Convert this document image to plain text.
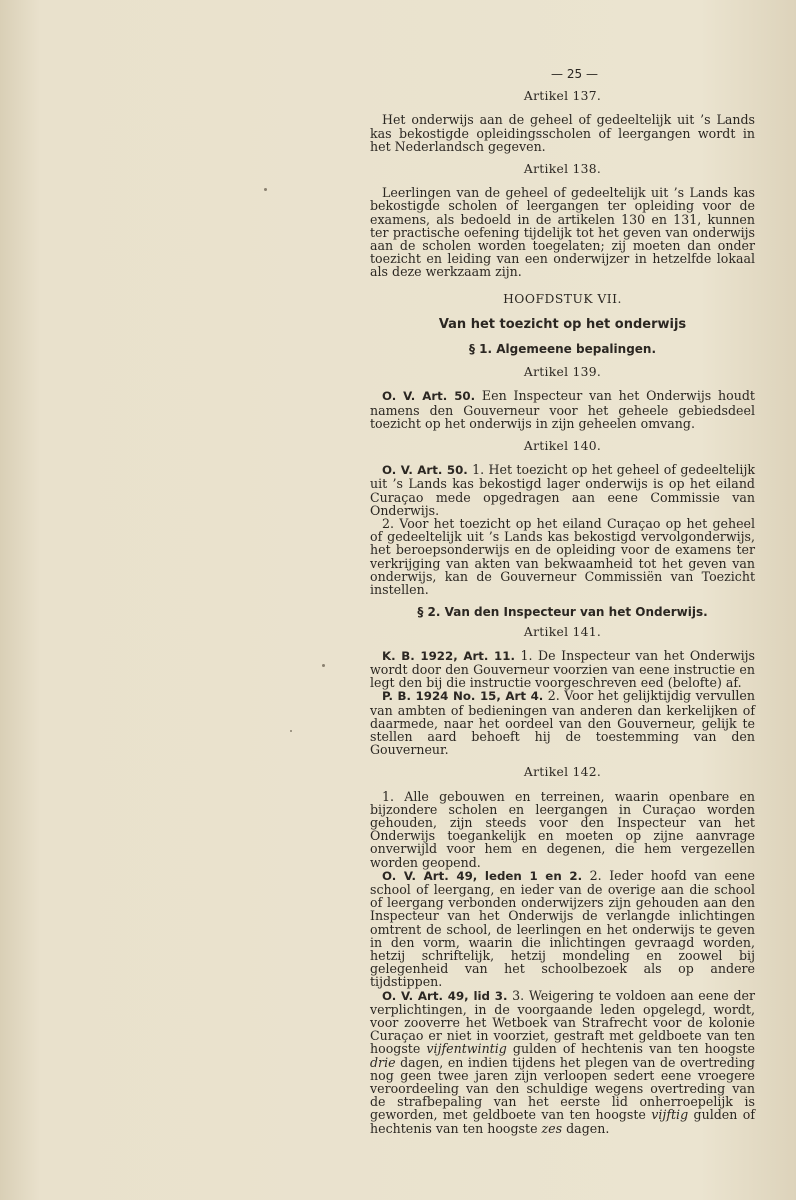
— 25 —
Artikel 137.

Het onderwijs aan de geheel of gedeeltelijk uit ’s Lands kas bekostigde opleidingsscholen of leergangen wordt in het Nederlandsch gegeven.

Artikel 138.

Leerlingen van de geheel of gedeeltelijk uit ’s Lands kas bekostigde scholen of leergangen ter opleiding voor de examens, als bedoeld in de artikelen 130 en 131, kunnen ter practische oefening tijdelijk tot het geven van onderwijs aan de scholen worden toegelaten; zij moeten dan onder toezicht en leiding van een onderwijzer in hetzelfde lokaal als deze werkzaam zijn.

HOOFDSTUK VII.
Van het toezicht op het onderwijs
§ 1. Algemeene bepalingen.
Artikel 139.

O. V. Art. 50. Een Inspecteur van het Onderwijs houdt namens den Gouverneur voor het geheele gebiedsdeel toezicht op het onderwijs in zijn geheelen omvang.

Artikel 140.

O. V. Art. 50. 1. Het toezicht op het geheel of gedeeltelijk uit ’s Lands kas bekostigd lager onderwijs is op het eiland Curaçao mede opgedragen aan eene Commissie van Onderwijs.

2. Voor het toezicht op het eiland Curaçao op het geheel of gedeeltelijk uit ’s Lands kas bekostigd vervolgonderwijs, het beroepsonderwijs en de opleiding voor de examens ter verkrijging van akten van bekwaamheid tot het geven van onderwijs, kan de Gouverneur Commissiën van Toezicht instellen.

§ 2. Van den Inspecteur van het Onderwijs.
Artikel 141.

K. B. 1922, Art. 11. 1. De Inspecteur van het Onderwijs wordt door den Gouverneur voorzien van eene instructie en legt den bij die instructie voorgeschreven eed (belofte) af.

P. B. 1924 No. 15, Art 4. 2. Voor het gelijktijdig vervullen van ambten of bedieningen van anderen dan kerkelijken of daarmede, naar het oordeel van den Gouverneur, gelijk te stellen aard behoeft hij de toestemming van den Gouverneur.

Artikel 142.

1. Alle gebouwen en terreinen, waarin openbare en bijzondere scholen en leergangen in Curaçao worden gehouden, zijn steeds voor den Inspecteur van het Onderwijs toegankelijk en moeten op zijne aanvrage onverwijld voor hem en degenen, die hem vergezellen worden geopend.

O. V. Art. 49, leden 1 en 2. 2. Ieder hoofd van eene school of leergang, en ieder van de overige aan die school of leergang verbonden onderwijzers zijn gehouden aan den Inspecteur van het Onderwijs de verlangde inlichtingen omtrent de school, de leerlingen en het onderwijs te geven in den vorm, waarin die inlichtingen gevraagd worden, hetzij schriftelijk, hetzij mondeling en zoowel bij gelegenheid van het schoolbezoek als op andere tijdstippen.

O. V. Art. 49, lid 3. 3. Weigering te voldoen aan eene der verplichtingen, in de voorgaande leden opgelegd, wordt, voor zooverre het Wetboek van Strafrecht voor de kolonie Curaçao er niet in voorziet, gestraft met geldboete van ten hoogste vijfentwintig gulden of hechtenis van ten hoogste drie dagen, en indien tijdens het plegen van de overtreding nog geen twee jaren zijn verloopen sedert eene vroegere veroordeeling van den schuldige wegens overtreding van de strafbepaling van het eerste lid onherroepelijk is geworden, met geldboete van ten hoogste vijftig gulden of hechtenis van ten hoogste zes dagen.
